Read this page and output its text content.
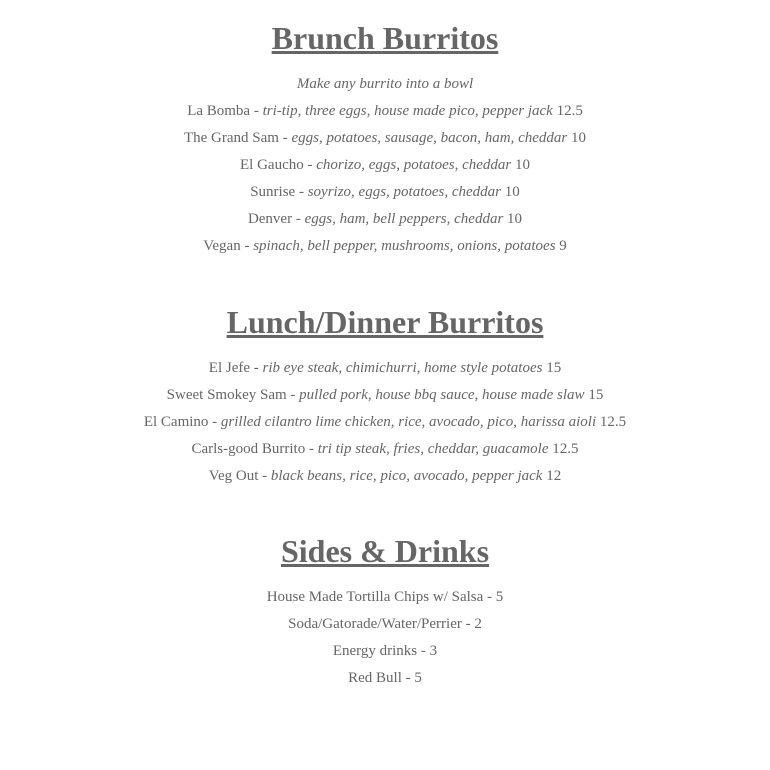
Brunch Burritos
Make any burrito into a bowl
La Bomba - tri-tip, three eggs, house made pico, pepper jack 12.5
The Grand Sam - eggs, potatoes, sausage, bacon, ham, cheddar 10
El Gaucho - chorizo, eggs, potatoes, cheddar 10
Sunrise - soyrizo, eggs, potatoes, cheddar 10
Denver - eggs, ham, bell peppers, cheddar 10
Vegan - spinach, bell pepper, mushrooms, onions, potatoes 9
Lunch/Dinner Burritos
El Jefe - rib eye steak, chimichurri, home style potatoes 15
Sweet Smokey Sam - pulled pork, house bbq sauce, house made slaw 15
El Camino - grilled cilantro lime chicken, rice, avocado, pico, harissa aioli 12.5
Carls-good Burrito - tri tip steak, fries, cheddar, guacamole 12.5
Veg Out - black beans, rice, pico, avocado, pepper jack 12
Sides & Drinks
House Made Tortilla Chips w/ Salsa - 5
Soda/Gatorade/Water/Perrier - 2
Energy drinks - 3
Red Bull - 5
